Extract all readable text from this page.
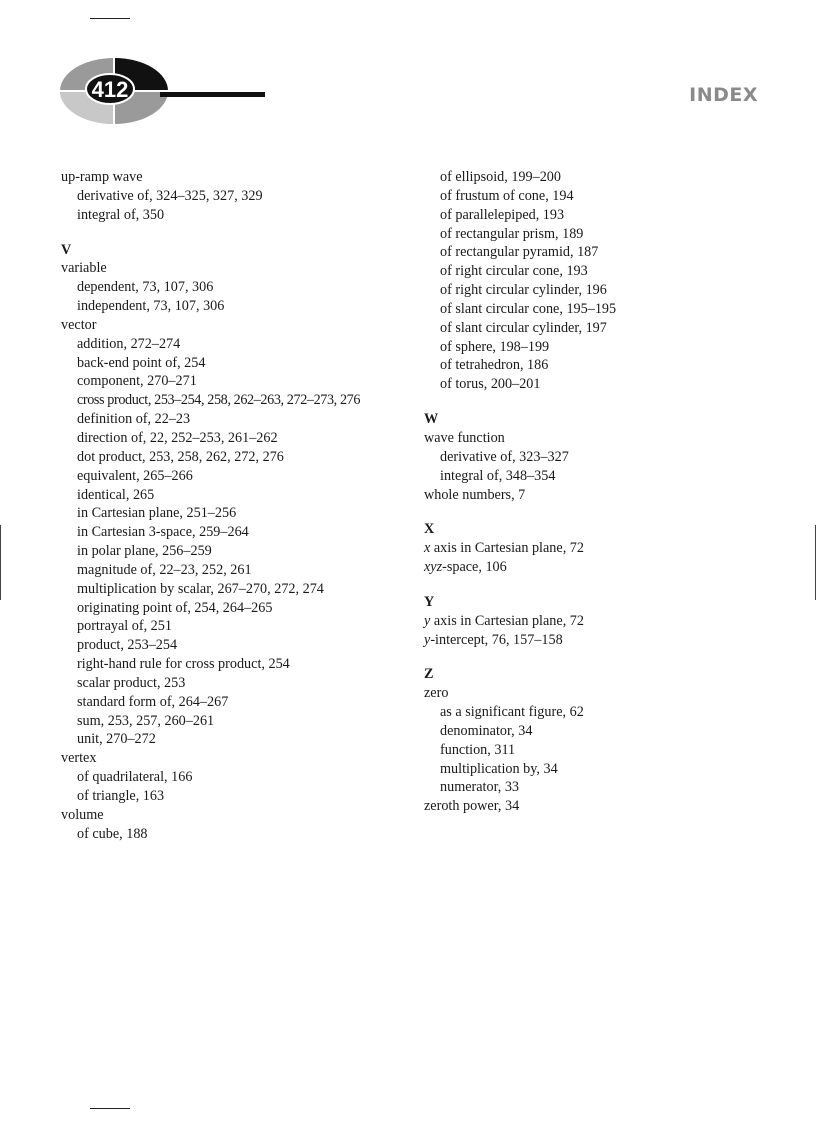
412	INDEX
up-ramp wave
derivative of, 324–325, 327, 329
integral of, 350
V
variable
dependent, 73, 107, 306
independent, 73, 107, 306
vector
addition, 272–274
back-end point of, 254
component, 270–271
cross product, 253–254, 258, 262–263, 272–273, 276
definition of, 22–23
direction of, 22, 252–253, 261–262
dot product, 253, 258, 262, 272, 276
equivalent, 265–266
identical, 265
in Cartesian plane, 251–256
in Cartesian 3-space, 259–264
in polar plane, 256–259
magnitude of, 22–23, 252, 261
multiplication by scalar, 267–270, 272, 274
originating point of, 254, 264–265
portrayal of, 251
product, 253–254
right-hand rule for cross product, 254
scalar product, 253
standard form of, 264–267
sum, 253, 257, 260–261
unit, 270–272
vertex
of quadrilateral, 166
of triangle, 163
volume
of cube, 188
of ellipsoid, 199–200
of frustum of cone, 194
of parallelepiped, 193
of rectangular prism, 189
of rectangular pyramid, 187
of right circular cone, 193
of right circular cylinder, 196
of slant circular cone, 195–195
of slant circular cylinder, 197
of sphere, 198–199
of tetrahedron, 186
of torus, 200–201
W
wave function
derivative of, 323–327
integral of, 348–354
whole numbers, 7
X
x axis in Cartesian plane, 72
xyz-space, 106
Y
y axis in Cartesian plane, 72
y-intercept, 76, 157–158
Z
zero
as a significant figure, 62
denominator, 34
function, 311
multiplication by, 34
numerator, 33
zeroth power, 34
